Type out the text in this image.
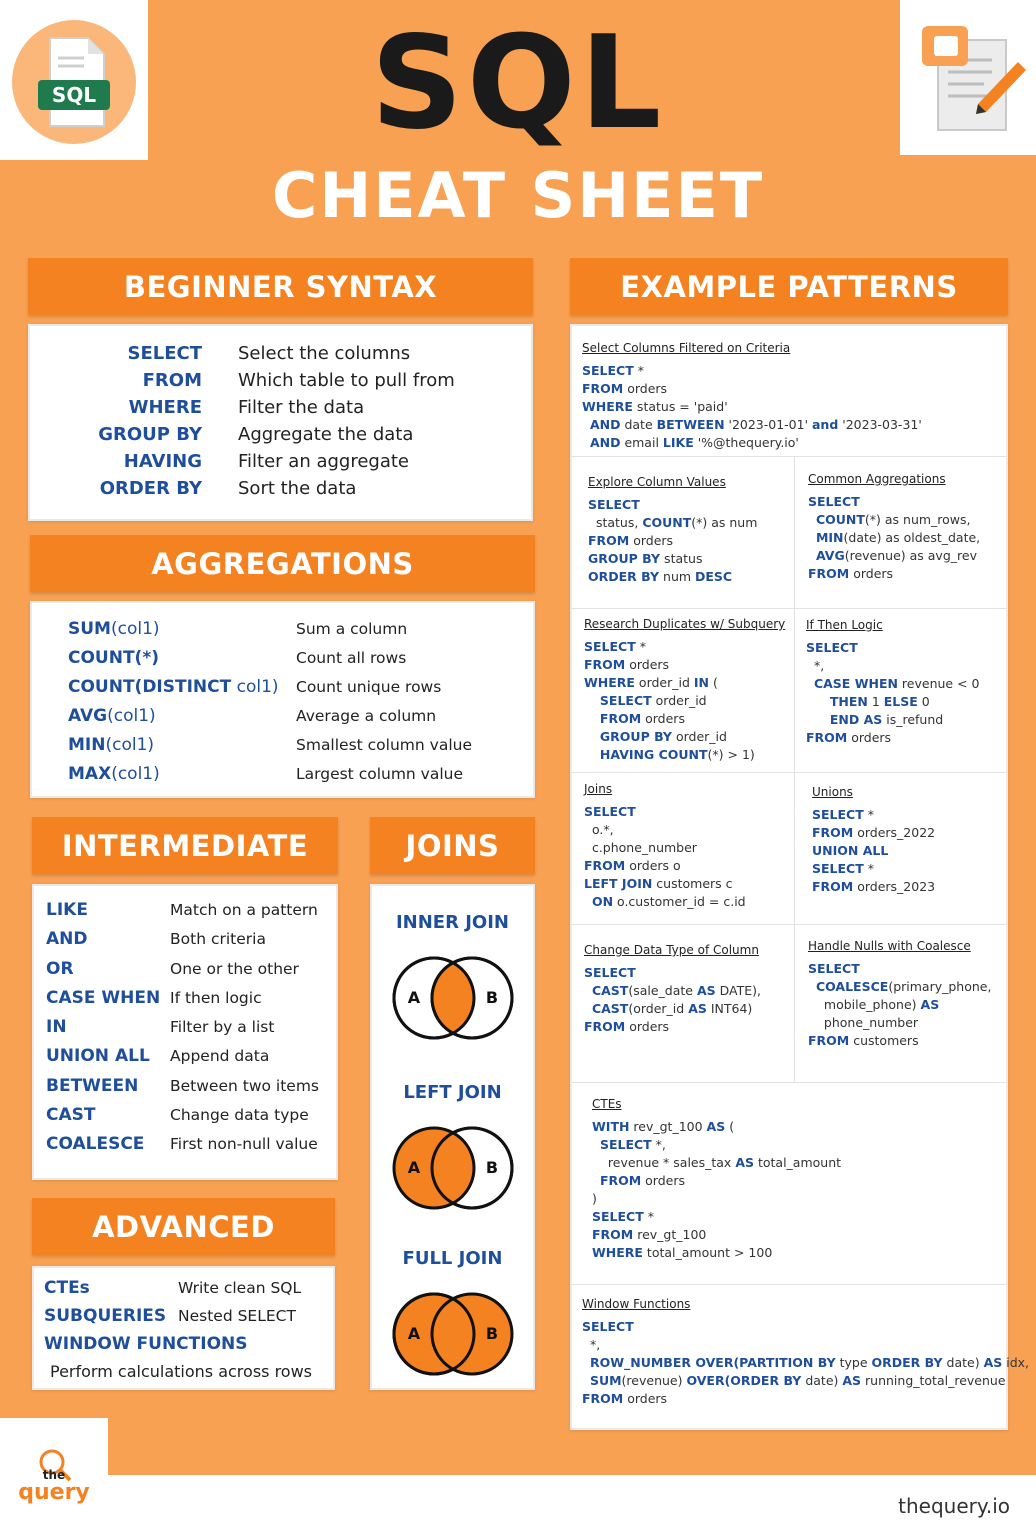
SQL	SQL
CHEAT SHEET
BEGINNER SYNTAX
SELECT Select the columns
FROM Which table to pull from
WHERE Filter the data
GROUP BY Aggregate the data
HAVING Filter an aggregate
ORDER BY Sort the data
AGGREGATIONS
SUM(col1)	Sum a column
COUNT(*)	Count all rows
COUNT(DISTINCT col1)	Count unique rows
AVG(col1)	Average a column
MIN(col1)	Smallest column value
MAX(col1)	Largest column value
INTERMEDIATE
LIKE	Match on a pattern
AND	Both criteria
OR	One or the other
CASE WHEN If then logic
IN	Filter by a list
UNION ALL	Append data
BETWEEN	Between two items
CAST	Change data type
COALESCE	First non-null value
ADVANCED
CTEs	Write clean SQL
SUBQUERIES Nested SELECT
WINDOW FUNCTIONS
Perform calculations across rows
JOINS
INNER JOIN
A	B
LEFT JOIN
A	B
FULL JOIN
A	B
EXAMPLE PATTERNS
Select Columns Filtered on Criteria
SELECT *
FROM orders
WHERE status = 'paid'
AND date BETWEEN '2023-01-01' and '2023-03-31'
AND email LIKE '%@thequery.io'
Explore Column Values
SELECT
status, COUNT(*) as num
FROM orders
GROUP BY status
ORDER BY num DESC
Common Aggregations
SELECT
COUNT(*) as num_rows,
MIN(date) as oldest_date,
AVG(revenue) as avg_rev
FROM orders
Research Duplicates w/ Subquery
SELECT *
FROM orders
WHERE order_id IN (
SELECT order_id
FROM orders
GROUP BY order_id
HAVING COUNT(*) > 1)
If Then Logic
SELECT
*,
CASE WHEN revenue < 0
THEN 1 ELSE 0
END AS is_refund
FROM orders
Joins
SELECT
o.*,
c.phone_number
FROM orders o
LEFT JOIN customers c
ON o.customer_id = c.id
Unions
SELECT *
FROM orders_2022
UNION ALL
SELECT *
FROM orders_2023
Change Data Type of Column
SELECT
CAST(sale_date AS DATE),
CAST(order_id AS INT64)
FROM orders
Handle Nulls with Coalesce
SELECT
COALESCE(primary_phone,
mobile_phone) AS
phone_number
FROM customers
CTEs
WITH rev_gt_100 AS (
SELECT *,
revenue * sales_tax AS total_amount
FROM orders
)
SELECT *
FROM rev_gt_100
WHERE total_amount > 100
Window Functions
SELECT
*,
ROW_NUMBER OVER(PARTITION BY type ORDER BY date) AS idx,
SUM(revenue) OVER(ORDER BY date) AS running_total_revenue
FROM orders
the
query
thequery.io
